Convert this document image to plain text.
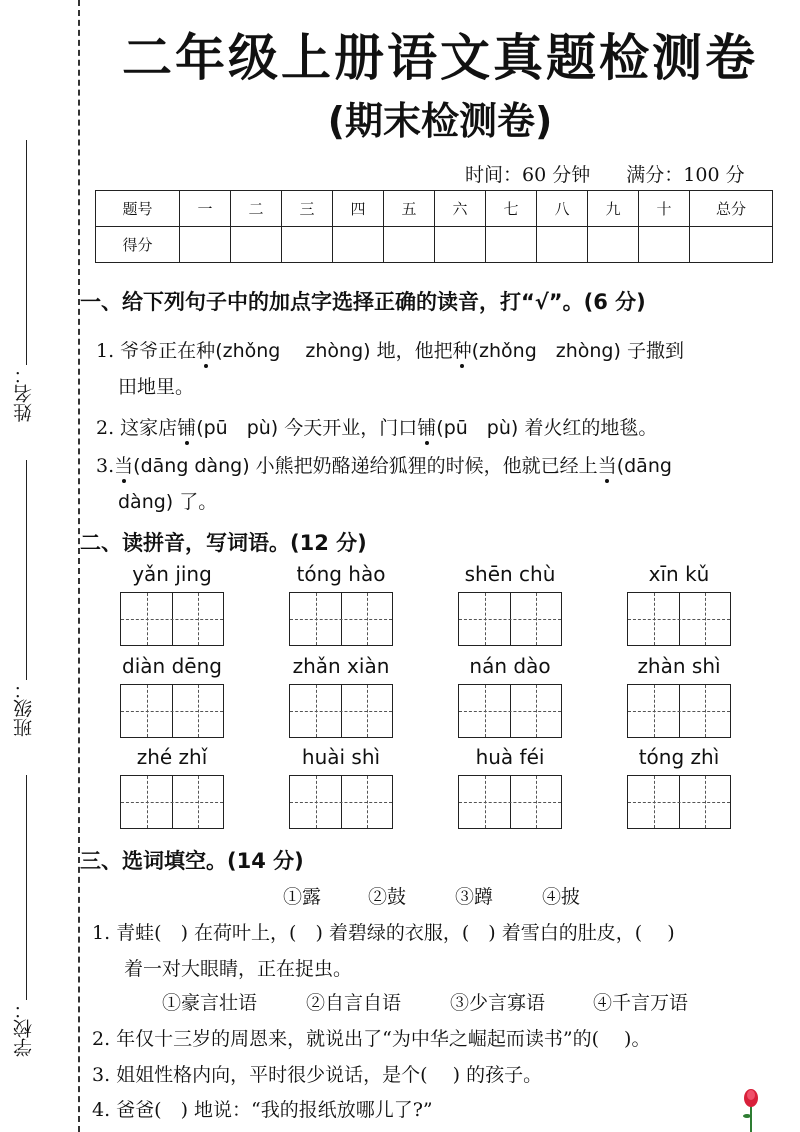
姓名：
班级：
学校：
二年级上册语文真题检测卷
(期末检测卷)
时间：60 分钟 满分：100 分
题号	一	二	三	四	五	六	七	八	九	十	总分
得分											
一、给下列句子中的加点字选择正确的读音，打“√”。(6 分)
1. 爷爷正在种(zhǒng　 zhòng) 地，他把种(zhǒng　zhòng) 子撒到
田地里。
2. 这家店铺(pū　pù) 今天开业，门口铺(pū　pù) 着火红的地毯。
3.当(dāng dàng) 小熊把奶酪递给狐狸的时候，他就已经上当(dāng
dàng) 了。
二、读拼音，写词语。(12 分)
yǎn jing	tóng hào	shēn chù	xīn kǔ
diàn dēng	zhǎn xiàn	nán dào	zhàn shì
zhé zhǐ	huài shì	huà féi	tóng zhì
三、选词填空。(14 分)
①露 ②鼓	③蹲	④披
1. 青蛙(　) 在荷叶上，(　) 着碧绿的衣服，(　) 着雪白的肚皮，(　 )
着一对大眼睛，正在捉虫。
①豪言壮语	②自言自语	③少言寡语	④千言万语
2. 年仅十三岁的周恩来，就说出了“为中华之崛起而读书”的(　 )。
3. 姐姐性格内向，平时很少说话，是个(　 ) 的孩子。
4. 爸爸(　) 地说：“我的报纸放哪儿了?”
